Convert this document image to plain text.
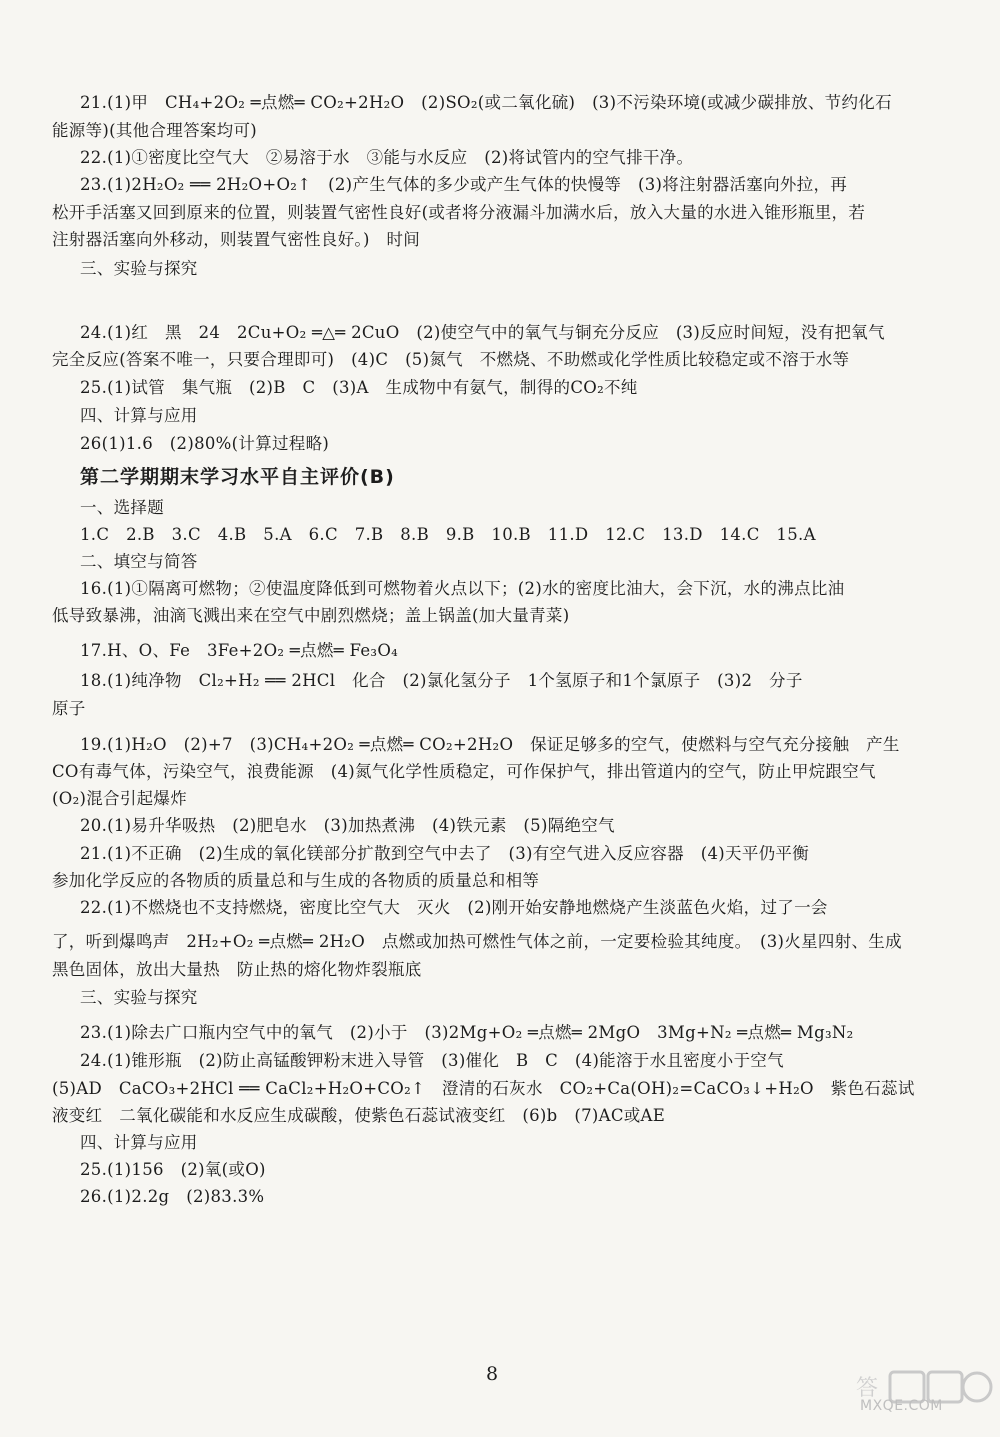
21.(1)甲　CH₄+2O₂ ═点燃═ CO₂+2H₂O　(2)SO₂(或二氧化硫)　(3)不污染环境(或减少碳排放、节约化石
能源等)(其他合理答案均可)
22.(1)①密度比空气大　②易溶于水　③能与水反应　(2)将试管内的空气排干净。
23.(1)2H₂O₂ ══ 2H₂O+O₂↑　(2)产生气体的多少或产生气体的快慢等　(3)将注射器活塞向外拉，再
松开手活塞又回到原来的位置，则装置气密性良好(或者将分液漏斗加满水后，放入大量的水进入锥形瓶里，若
注射器活塞向外移动，则装置气密性良好。)　时间
三、实验与探究
24.(1)红　黑　24　2Cu+O₂ ═△═ 2CuO　(2)使空气中的氧气与铜充分反应　(3)反应时间短，没有把氧气
完全反应(答案不唯一，只要合理即可)　(4)C　(5)氮气　不燃烧、不助燃或化学性质比较稳定或不溶于水等
25.(1)试管　集气瓶　(2)B　C　(3)A　生成物中有氨气，制得的CO₂不纯
四、计算与应用
26(1)1.6　(2)80%(计算过程略)
第二学期期末学习水平自主评价(B)
一、选择题
1.C　2.B　3.C　4.B　5.A　6.C　7.B　8.B　9.B　10.B　11.D　12.C　13.D　14.C　15.A
二、填空与简答
16.(1)①隔离可燃物；②使温度降低到可燃物着火点以下；(2)水的密度比油大，会下沉，水的沸点比油
低导致暴沸，油滴飞溅出来在空气中剧烈燃烧；盖上锅盖(加大量青菜)
17.H、O、Fe　3Fe+2O₂ ═点燃═ Fe₃O₄
18.(1)纯净物　Cl₂+H₂ ══ 2HCl　化合　(2)氯化氢分子　1个氢原子和1个氯原子　(3)2　分子
原子
19.(1)H₂O　(2)+7　(3)CH₄+2O₂ ═点燃═ CO₂+2H₂O　保证足够多的空气，使燃料与空气充分接触　产生
CO有毒气体，污染空气，浪费能源　(4)氮气化学性质稳定，可作保护气，排出管道内的空气，防止甲烷跟空气
(O₂)混合引起爆炸
20.(1)易升华吸热　(2)肥皂水　(3)加热煮沸　(4)铁元素　(5)隔绝空气
21.(1)不正确　(2)生成的氧化镁部分扩散到空气中去了　(3)有空气进入反应容器　(4)天平仍平衡
参加化学反应的各物质的质量总和与生成的各物质的质量总和相等
22.(1)不燃烧也不支持燃烧，密度比空气大　灭火　(2)刚开始安静地燃烧产生淡蓝色火焰，过了一会
了，听到爆鸣声　2H₂+O₂ ═点燃═ 2H₂O　点燃或加热可燃性气体之前，一定要检验其纯度。　(3)火星四射、生成
黑色固体，放出大量热　防止热的熔化物炸裂瓶底
三、实验与探究
23.(1)除去广口瓶内空气中的氧气　(2)小于　(3)2Mg+O₂ ═点燃═ 2MgO　3Mg+N₂ ═点燃═ Mg₃N₂
24.(1)锥形瓶　(2)防止高锰酸钾粉末进入导管　(3)催化　B　C　(4)能溶于水且密度小于空气
(5)AD　CaCO₃+2HCl ══ CaCl₂+H₂O+CO₂↑　澄清的石灰水　CO₂+Ca(OH)₂=CaCO₃↓+H₂O　紫色石蕊试
液变红　二氧化碳能和水反应生成碳酸，使紫色石蕊试液变红　(6)b　(7)AC或AE
四、计算与应用
25.(1)156　(2)氧(或O)
26.(1)2.2g　(2)83.3%
8
答
MXQE.COM
